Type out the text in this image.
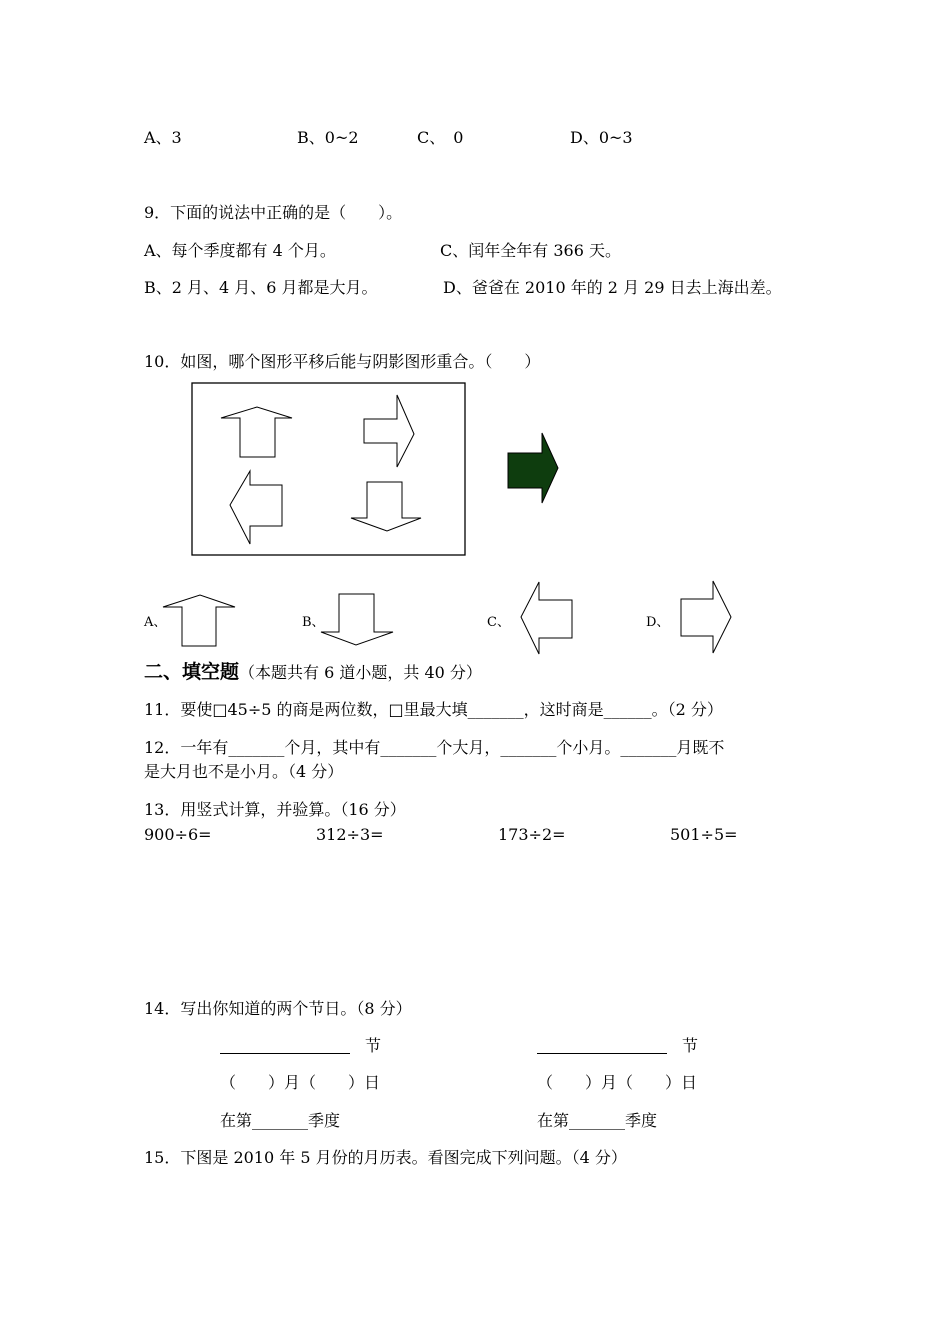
A、3	B、0~2	C、　0	D、0~3
9．下面的说法中正确的是（　　）。
A、每个季度都有 4 个月。	C、闰年全年有 366 天。
B、2 月、4 月、6 月都是大月。	D、爸爸在 2010 年的 2 月 29 日去上海出差。
10．如图，哪个图形平移后能与阴影图形重合。（　　）
A、	B、	C、	D、
二、填空题（本题共有 6 道小题，共 40 分）
11．要使□45÷5 的商是两位数，□里最大填_______，这时商是______。（2 分）
12．一年有_______个月，其中有_______个大月，_______个小月。_______月既不
是大月也不是小月。（4 分）
13．用竖式计算，并验算。（16 分）
900÷6=	312÷3=	173÷2=	501÷5=
14．写出你知道的两个节日。（8 分）
节
（　　）月（　　）日
在第_______季度
节
（　　）月（　　）日
在第_______季度
15．下图是 2010 年 5 月份的月历表。看图完成下列问题。（4 分）
